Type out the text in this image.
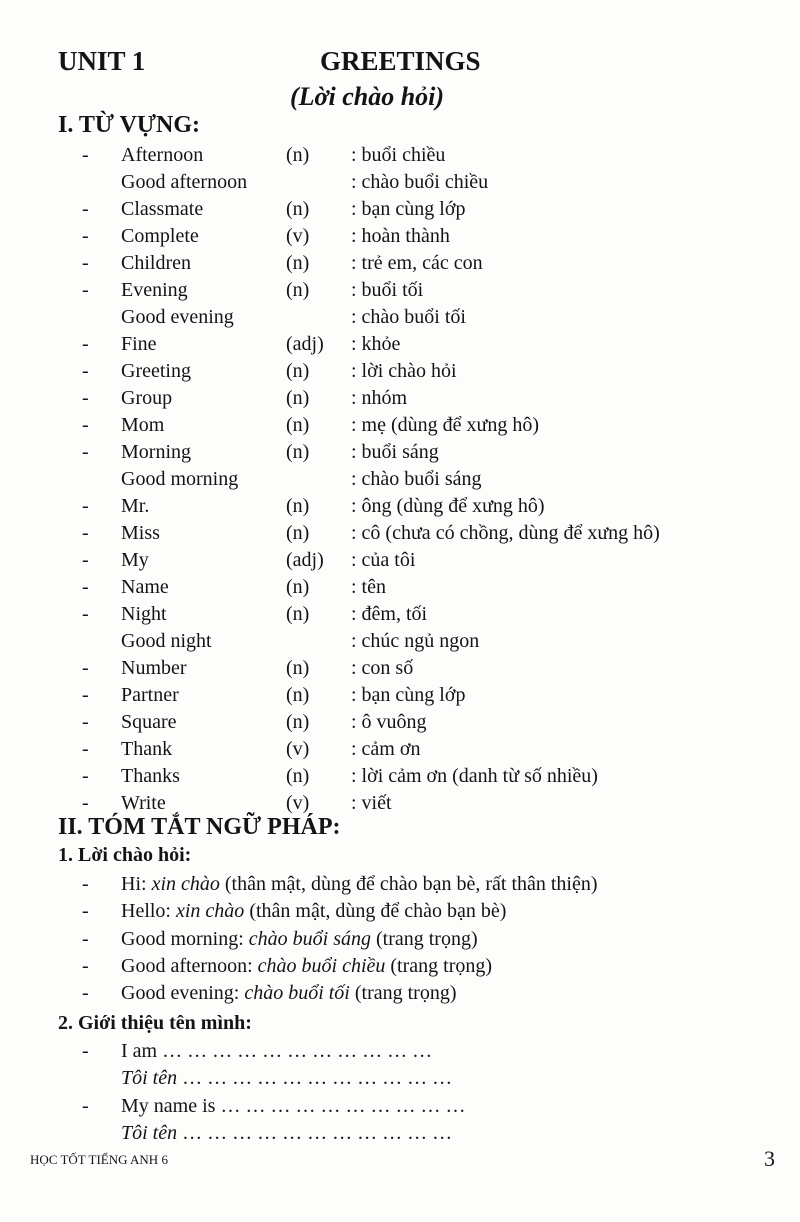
UNIT 1	GREETINGS
(Lời chào hỏi)
I. TỪ VỰNG:
- Afternoon	(n) : buổi chiều
Good afternoon	: chào buổi chiều
- Classmate	(n) : bạn cùng lớp
- Complete	(v) : hoàn thành
- Children	(n) : trẻ em, các con
- Evening	(n) : buổi tối
Good evening	: chào buổi tối
- Fine	(adj) : khỏe
- Greeting	(n) : lời chào hỏi
- Group	(n) : nhóm
- Mom	(n) : mẹ (dùng để xưng hô)
- Morning	(n) : buổi sáng
Good morning	: chào buổi sáng
- Mr.	(n) : ông (dùng để xưng hô)
- Miss	(n) : cô (chưa có chồng, dùng để xưng hô)
- My	(adj) : của tôi
- Name	(n) : tên
- Night	(n) : đêm, tối
Good night	: chúc ngủ ngon
- Number	(n) : con số
- Partner	(n) : bạn cùng lớp
- Square	(n) : ô vuông
- Thank	(v) : cảm ơn
- Thanks	(n) : lời cảm ơn (danh từ số nhiều)
- Write	(v) : viết
II. TÓM TẮT NGỮ PHÁP:
1. Lời chào hỏi:
- Hi: xin chào (thân mật, dùng để chào bạn bè, rất thân thiện)
- Hello: xin chào (thân mật, dùng để chào bạn bè)
- Good morning: chào buổi sáng (trang trọng)
- Good afternoon: chào buổi chiều (trang trọng)
- Good evening: chào buổi tối (trang trọng)
2. Giới thiệu tên mình:
- I am … … … … … … … … … … …
Tôi tên … … … … … … … … … … …
- My name is … … … … … … … … … …
Tôi tên … … … … … … … … … … …
HỌC TỐT TIẾNG ANH 6	3
